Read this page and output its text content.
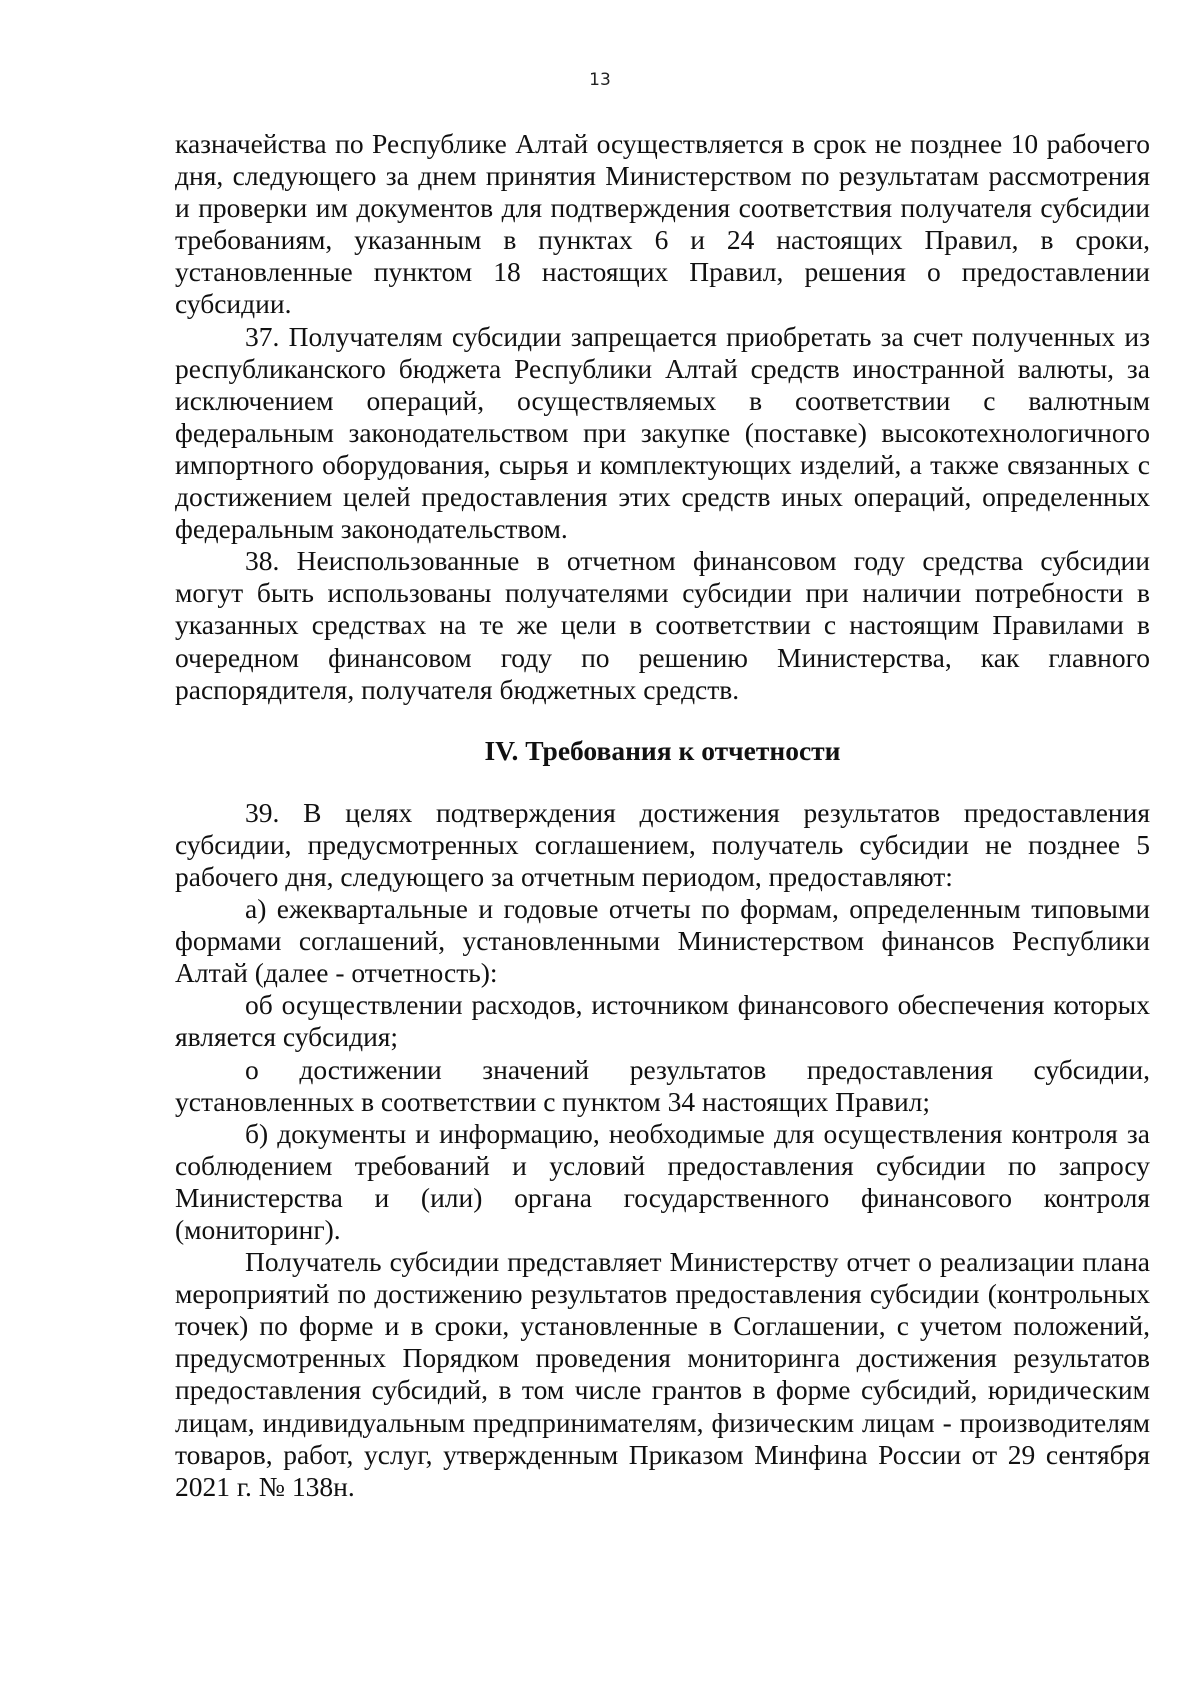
13

казначейства по Республике Алтай осуществляется в срок не позднее 10 рабочего дня, следующего за днем принятия Министерством по результатам рассмотрения и проверки им документов для подтверждения соответствия получателя субсидии требованиям, указанным в пунктах 6 и 24 настоящих Правил, в сроки, установленные пунктом 18 настоящих Правил, решения о предоставлении субсидии.

37. Получателям субсидии запрещается приобретать за счет полученных из республиканского бюджета Республики Алтай средств иностранной валюты, за исключением операций, осуществляемых в соответствии с валютным федеральным законодательством при закупке (поставке) высокотехнологичного импортного оборудования, сырья и комплектующих изделий, а также связанных с достижением целей предоставления этих средств иных операций, определенных федеральным законодательством.

38. Неиспользованные в отчетном финансовом году средства субсидии могут быть использованы получателями субсидии при наличии потребности в указанных средствах на те же цели в соответствии с настоящим Правилами в очередном финансовом году по решению Министерства, как главного распорядителя, получателя бюджетных средств.

IV. Требования к отчетности

39. В целях подтверждения достижения результатов предоставления субсидии, предусмотренных соглашением, получатель субсидии не позднее 5 рабочего дня, следующего за отчетным периодом, предоставляют:

а) ежеквартальные и годовые отчеты по формам, определенным типовыми формами соглашений, установленными Министерством финансов Республики Алтай (далее - отчетность):

об осуществлении расходов, источником финансового обеспечения которых является субсидия;

о достижении значений результатов предоставления субсидии, установленных в соответствии с пунктом 34 настоящих Правил;

б) документы и информацию, необходимые для осуществления контроля за соблюдением требований и условий предоставления субсидии по запросу Министерства и (или) органа государственного финансового контроля (мониторинг).

Получатель субсидии представляет Министерству отчет о реализации плана мероприятий по достижению результатов предоставления субсидии (контрольных точек) по форме и в сроки, установленные в Соглашении, с учетом положений, предусмотренных Порядком проведения мониторинга достижения результатов предоставления субсидий, в том числе грантов в форме субсидий, юридическим лицам, индивидуальным предпринимателям, физическим лицам - производителям товаров, работ, услуг, утвержденным Приказом Минфина России от 29 сентября 2021 г. № 138н.
